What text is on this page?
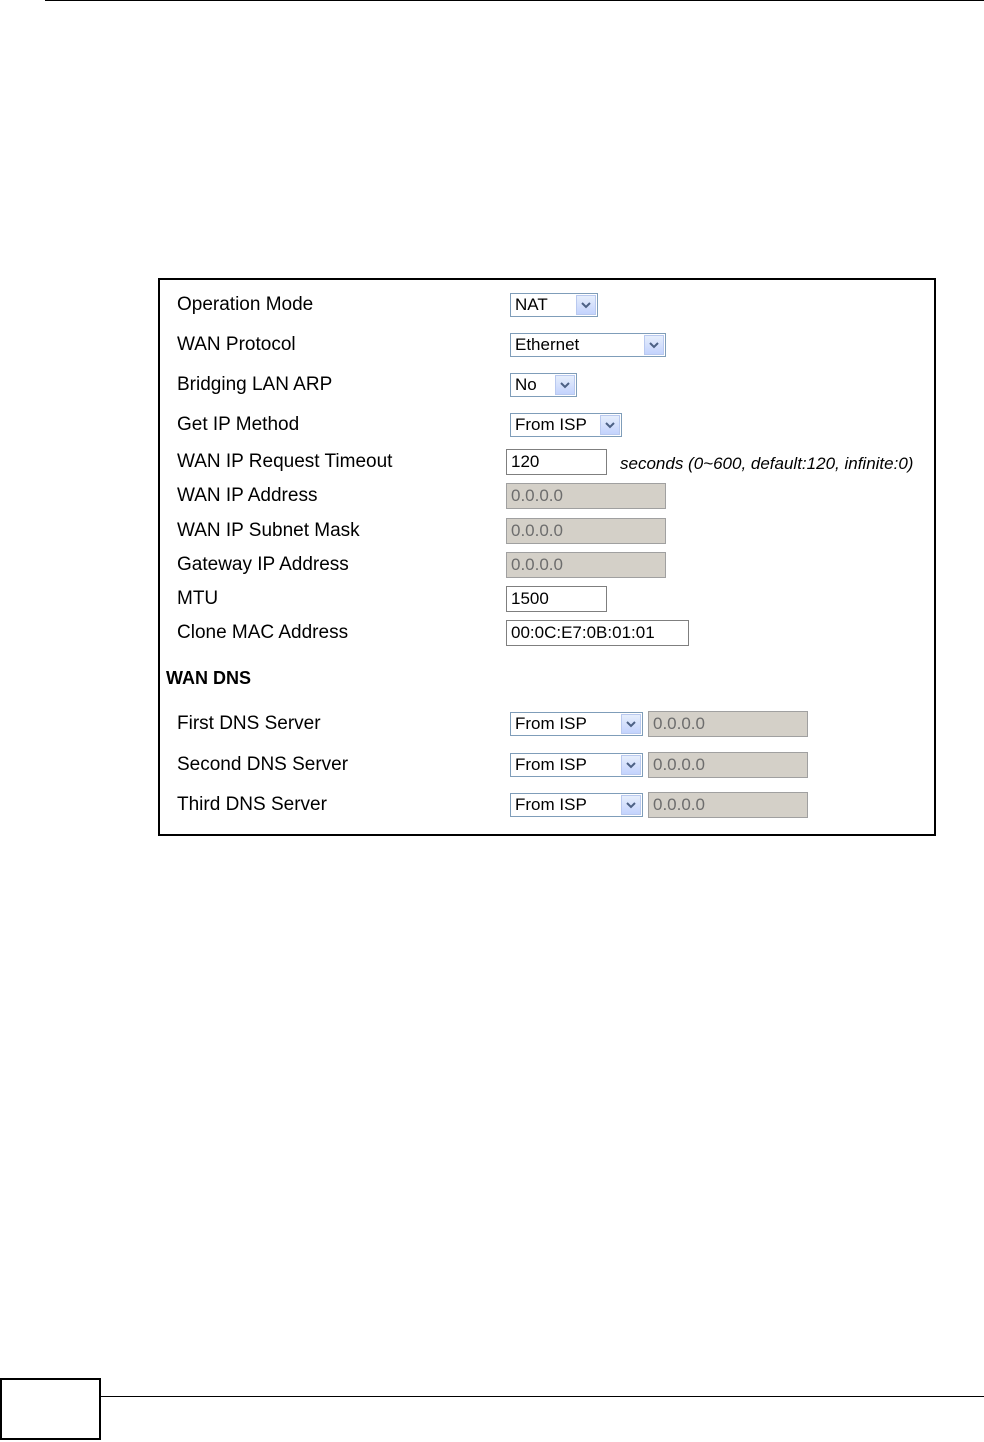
Operation Mode	NAT
WAN Protocol	Ethernet
Bridging LAN ARP	No
Get IP Method	From ISP
WAN IP Request Timeout	120	seconds (0~600, default:120, infinite:0)
WAN IP Address	0.0.0.0
WAN IP Subnet Mask	0.0.0.0
Gateway IP Address	0.0.0.0
MTU	1500
Clone MAC Address	00:0C:E7:0B:01:01
WAN DNS
First DNS Server	From ISP	0.0.0.0
Second DNS Server	From ISP	0.0.0.0
Third DNS Server	From ISP	0.0.0.0
